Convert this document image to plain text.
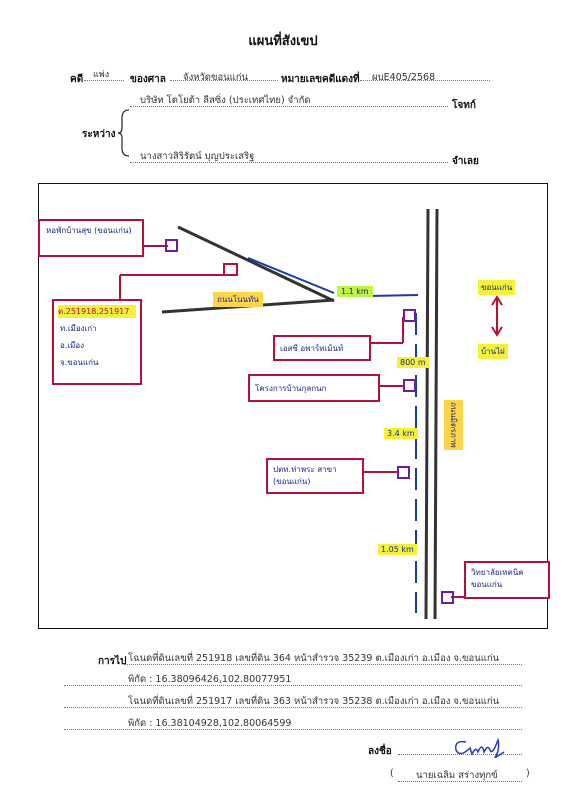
แผนที่สังเขป
คดี แพ่ง ของศาล จังหวัดขอนแก่น	หมายเลขคดีแดงที่ ผบE405/2568
บริษัท โตโยต้า ลีสซิ่ง (ประเทศไทย) จำกัด	โจทก์
ระหว่าง
นางสาวสิริรัตน์ บุญประเสริฐ	จำเลย
หอพักบ้านสุข (ขอนแก่น)
ต.251918,251917
ท.เมืองเก่า
อ.เมือง
จ.ขอนแก่น
ถนนโนนทัน
1.1 km
เอสซี อพาร์ทเม้นท์
800 m
โครงการบ้านกุลกนก
3.4 km
ปตท.ท่าพระ สาขา (ขอนแก่น)
1.05 km
วิทยาลัยเทคนิค ขอนแก่น
ถนนมิตรภาพ
ขอนแก่น
บ้านไผ่
การไป โฉนดที่ดินเลขที่ 251918 เลขที่ดิน 364 หน้าสำรวจ 35239 ต.เมืองเก่า อ.เมือง จ.ขอนแก่น
พิกัด : 16.38096426,102.80077951
โฉนดที่ดินเลขที่ 251917 เลขที่ดิน 363 หน้าสำรวจ 35238 ต.เมืองเก่า อ.เมือง จ.ขอนแก่น
พิกัด : 16.38104928,102.80064599
ลงชื่อ
( นายเฉลิม สร่างทุกข์	)
